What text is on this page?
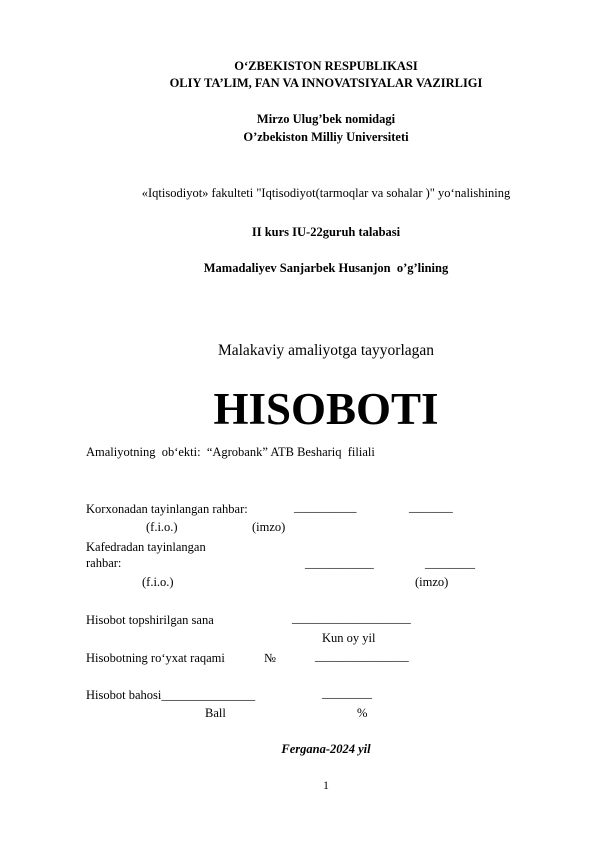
O‘ZBEKISTON RESPUBLIKASI
OLIY TA’LIM, FAN VA INNOVATSIYALAR VAZIRLIGI
Mirzo Ulug’bek nomidagi
O’zbekiston Milliy Universiteti
«Iqtisodiyot» fakulteti "Iqtisodiyot(tarmoqlar va sohalar )" yo‘nalishining
II kurs IU-22guruh talabasi
Mamadaliyev Sanjarbek Husanjon  o’g’lining
Malakaviy amaliyotga tayyorlagan
HISOBOTI
Amaliyotning  ob‘ekti:  “Agrobank” ATB Beshariq  filiali
Korxonadan tayinlangan rahbar:	__________	_______
(f.i.o.)	(imzo)
Kafedradan tayinlangan
rahbar:	___________	________
(f.i.o.)	(imzo)
Hisobot topshirilgan sana	___________________
Kun oy yil
Hisobotning ro‘yxat raqami	№	_______________
Hisobot bahosi_______________	________
Ball	%
Fergana-2024 yil
1
